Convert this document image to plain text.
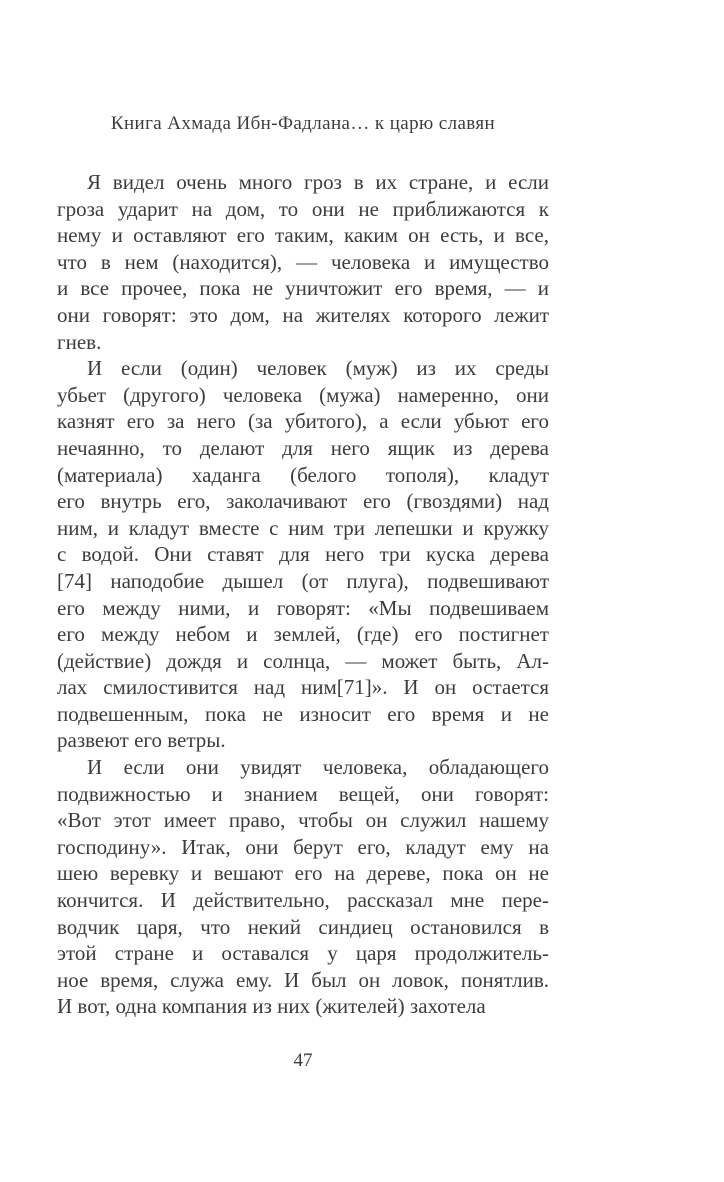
Книга Ахмада Ибн-Фадлана… к царю славян
Я видел очень много гроз в их стране, и если
гроза ударит на дом, то они не приближаются к
нему и оставляют его таким, каким он есть, и все,
что в нем (находится), — человека и имущество
и все прочее, пока не уничтожит его время, — и
они говорят: это дом, на жителях которого лежит
гнев.
И если (один) человек (муж) из их среды
убьет (другого) человека (мужа) намеренно, они
казнят его за него (за убитого), а если убьют его
нечаянно, то делают для него ящик из дерева
(материала) хаданга (белого тополя), кладут
его внутрь его, заколачивают его (гвоздями) над
ним, и кладут вместе с ним три лепешки и кружку
с водой. Они ставят для него три куска дерева
[74] наподобие дышел (от плуга), подвешивают
его между ними, и говорят: «Мы подвешиваем
его между небом и землей, (где) его постигнет
(действие) дождя и солнца, — может быть, Ал-
лах смилостивится над ним[71]». И он остается
подвешенным, пока не износит его время и не
развеют его ветры.
И если они увидят человека, обладающего
подвижностью и знанием вещей, они говорят:
«Вот этот имеет право, чтобы он служил нашему
господину». Итак, они берут его, кладут ему на
шею веревку и вешают его на дереве, пока он не
кончится. И действительно, рассказал мне пере-
водчик царя, что некий синдиец остановился в
этой стране и оставался у царя продолжитель-
ное время, служа ему. И был он ловок, понятлив.
И вот, одна компания из них (жителей) захотела
47
